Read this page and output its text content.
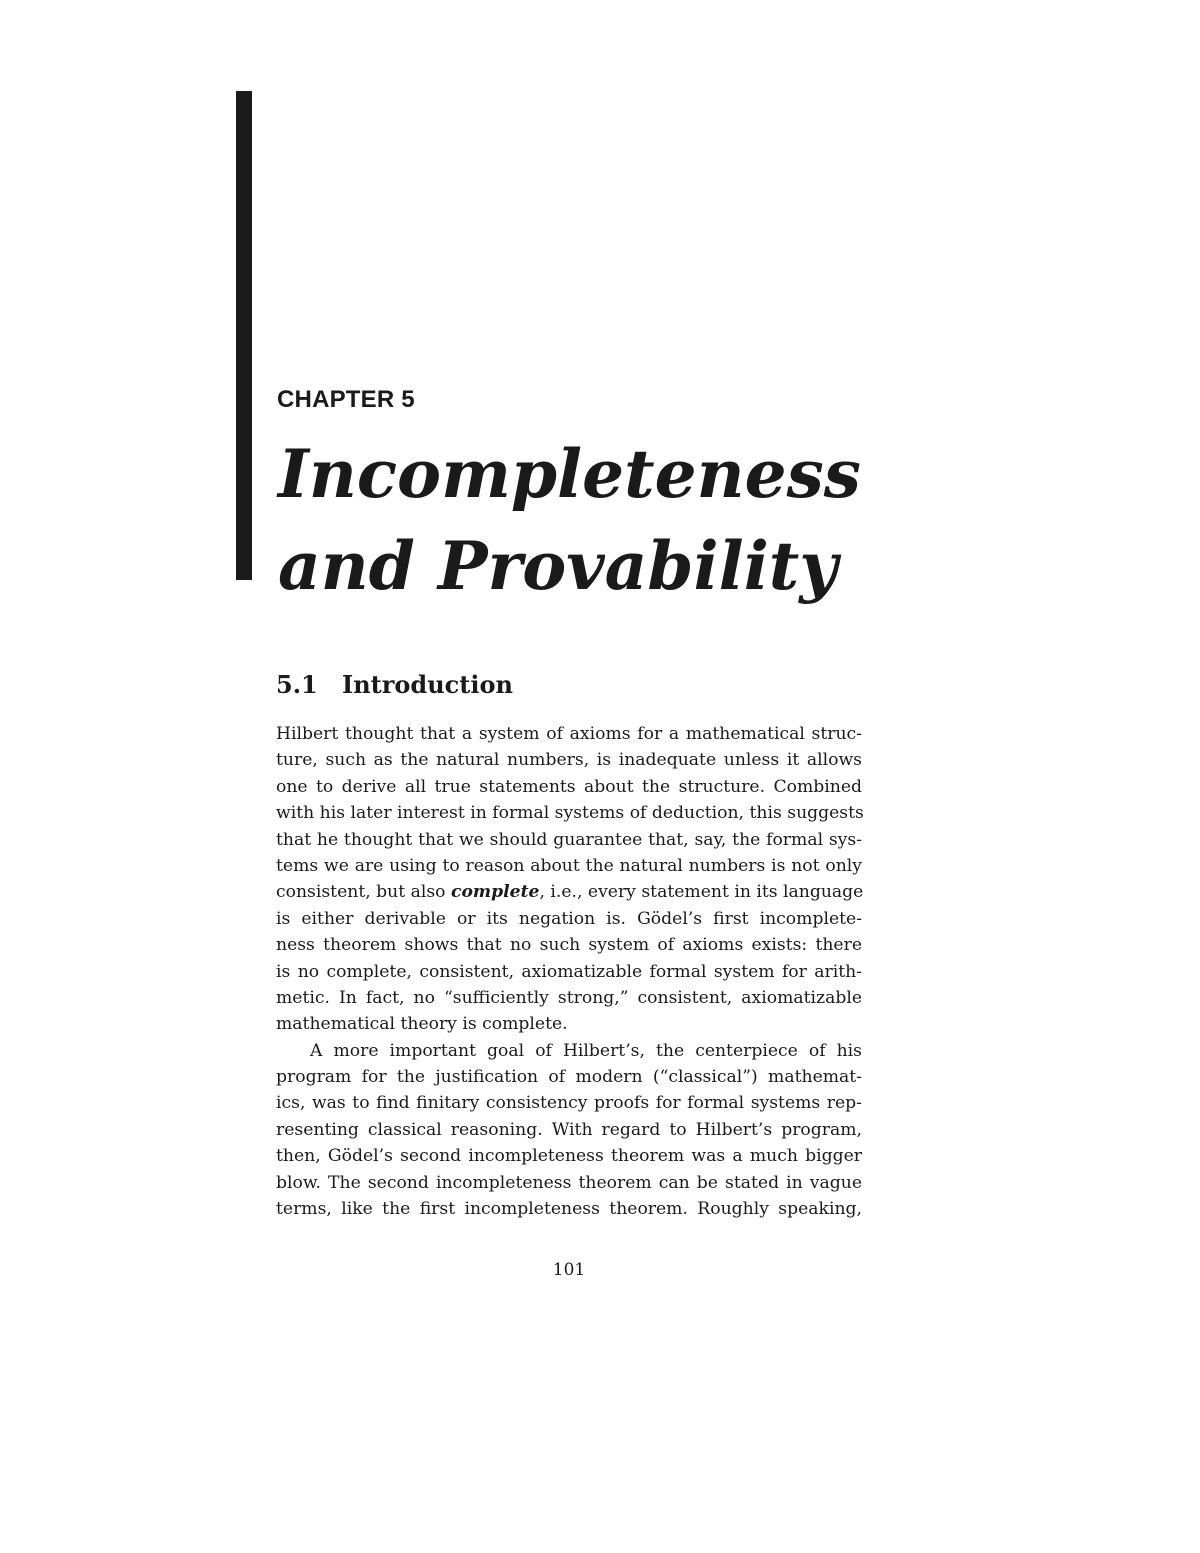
CHAPTER 5
Incompleteness
and Provability
5.1 Introduction
Hilbert thought that a system of axioms for a mathematical struc-
ture, such as the natural numbers, is inadequate unless it allows
one to derive all true statements about the structure. Combined
with his later interest in formal systems of deduction, this suggests
that he thought that we should guarantee that, say, the formal sys-
tems we are using to reason about the natural numbers is not only
consistent, but also complete, i.e., every statement in its language
is either derivable or its negation is. Gödel’s first incomplete-
ness theorem shows that no such system of axioms exists: there
is no complete, consistent, axiomatizable formal system for arith-
metic. In fact, no “sufficiently strong,” consistent, axiomatizable
mathematical theory is complete.
A more important goal of Hilbert’s, the centerpiece of his
program for the justification of modern (“classical”) mathemat-
ics, was to find finitary consistency proofs for formal systems rep-
resenting classical reasoning. With regard to Hilbert’s program,
then, Gödel’s second incompleteness theorem was a much bigger
blow. The second incompleteness theorem can be stated in vague
terms, like the first incompleteness theorem. Roughly speaking,
101
